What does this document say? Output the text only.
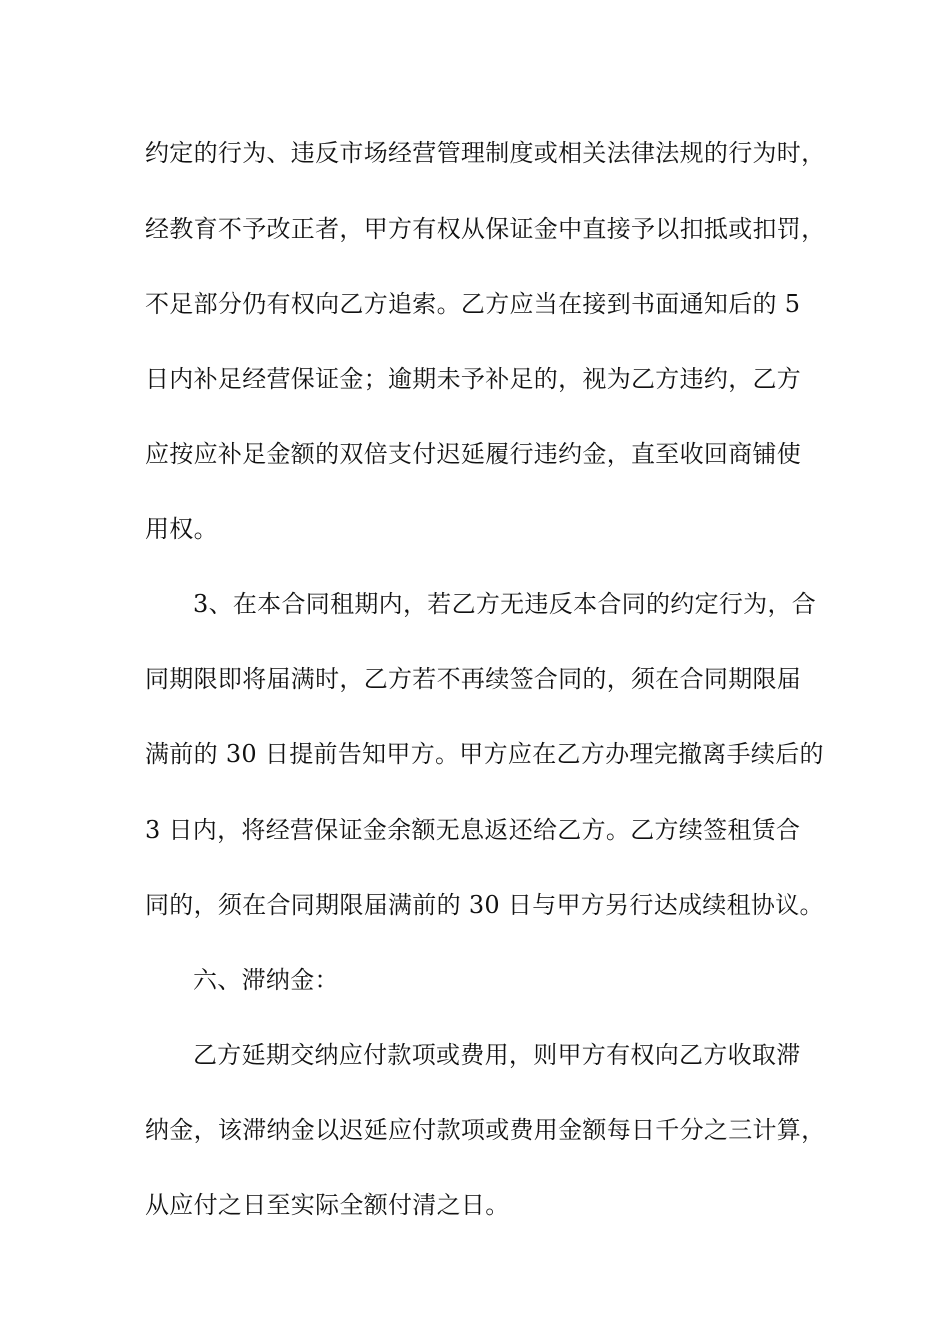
约定的行为、违反市场经营管理制度或相关法律法规的行为时，
经教育不予改正者，甲方有权从保证金中直接予以扣抵或扣罚，
不足部分仍有权向乙方追索。乙方应当在接到书面通知后的 5
日内补足经营保证金；逾期未予补足的，视为乙方违约，乙方
应按应补足金额的双倍支付迟延履行违约金，直至收回商铺使
用权。
3、在本合同租期内，若乙方无违反本合同的约定行为，合
同期限即将届满时，乙方若不再续签合同的，须在合同期限届
满前的 30 日提前告知甲方。甲方应在乙方办理完撤离手续后的
3 日内，将经营保证金余额无息返还给乙方。乙方续签租赁合
同的，须在合同期限届满前的 30 日与甲方另行达成续租协议。
六、滞纳金：
乙方延期交纳应付款项或费用，则甲方有权向乙方收取滞
纳金，该滞纳金以迟延应付款项或费用金额每日千分之三计算，
从应付之日至实际全额付清之日。
